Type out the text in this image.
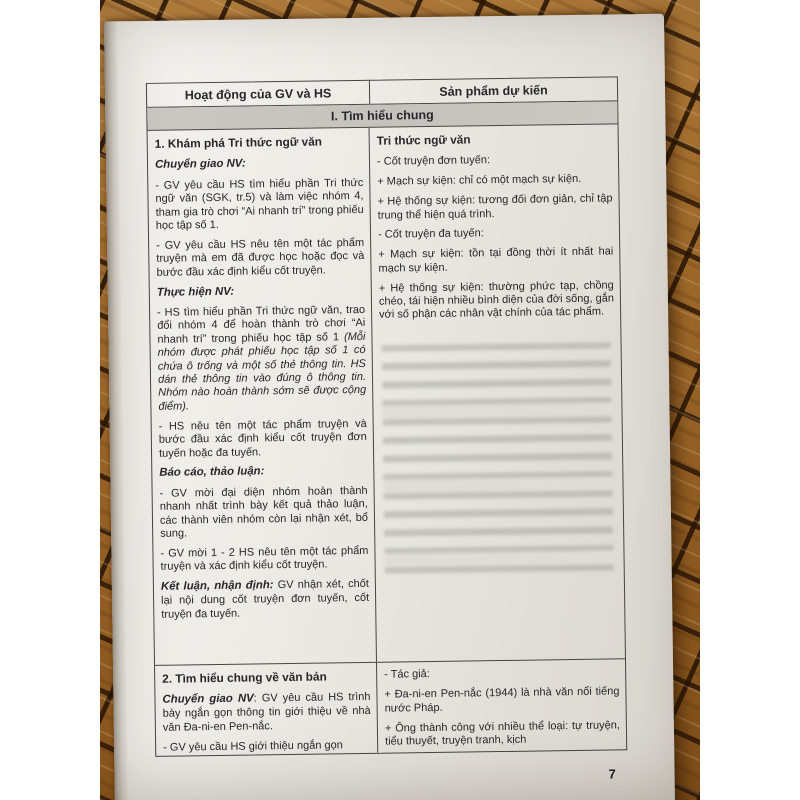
Hoạt động của GV và HS	Sản phẩm dự kiến
I. Tìm hiểu chung

1. Khám phá Tri thức ngữ văn

Chuyển giao NV:

- GV yêu cầu HS tìm hiểu phần Tri thức ngữ văn (SGK, tr.5) và làm việc nhóm 4, tham gia trò chơi “Ai nhanh trí” trong phiếu học tập số 1.

- GV yêu cầu HS nêu tên một tác phẩm truyện mà em đã được học hoặc đọc và bước đầu xác định kiểu cốt truyện.

Thực hiện NV:

- HS tìm hiểu phần Tri thức ngữ văn, trao đổi nhóm 4 để hoàn thành trò chơi “Ai nhanh trí” trong phiếu học tập số 1 (Mỗi nhóm được phát phiếu học tập số 1 có chứa ô trống và một số thẻ thông tin. HS dán thẻ thông tin vào đúng ô thông tin. Nhóm nào hoàn thành sớm sẽ được cộng điểm).

- HS nêu tên một tác phẩm truyện và bước đầu xác định kiểu cốt truyện đơn tuyến hoặc đa tuyến.

Báo cáo, thảo luận:

- GV mời đại diện nhóm hoàn thành nhanh nhất trình bày kết quả thảo luận, các thành viên nhóm còn lại nhận xét, bổ sung.

- GV mời 1 - 2 HS nêu tên một tác phẩm truyện và xác định kiểu cốt truyện.

Kết luận, nhận định: GV nhận xét, chốt lại nội dung cốt truyện đơn tuyến, cốt truyện đa tuyến.

Tri thức ngữ văn

- Cốt truyện đơn tuyến:

+ Mạch sự kiện: chỉ có một mạch sự kiện.

+ Hệ thống sự kiện: tương đối đơn giản, chỉ tập trung thể hiện quá trình.

- Cốt truyện đa tuyến:

+ Mạch sự kiện: tồn tại đồng thời ít nhất hai mạch sự kiện.

+ Hệ thống sự kiện: thường phức tạp, chồng chéo, tái hiện nhiều bình diện của đời sống, gắn với số phận các nhân vật chính của tác phẩm.

2. Tìm hiểu chung về văn bản

Chuyển giao NV: GV yêu cầu HS trình bày ngắn gọn thông tin giới thiệu về nhà văn Đa-ni-en Pen-nắc.

- GV yêu cầu HS giới thiệu ngắn gọn

- Tác giả:

+ Đa-ni-en Pen-nắc (1944) là nhà văn nổi tiếng nước Pháp.

+ Ông thành công với nhiều thể loại: tự truyện, tiểu thuyết, truyện tranh, kịch

7
